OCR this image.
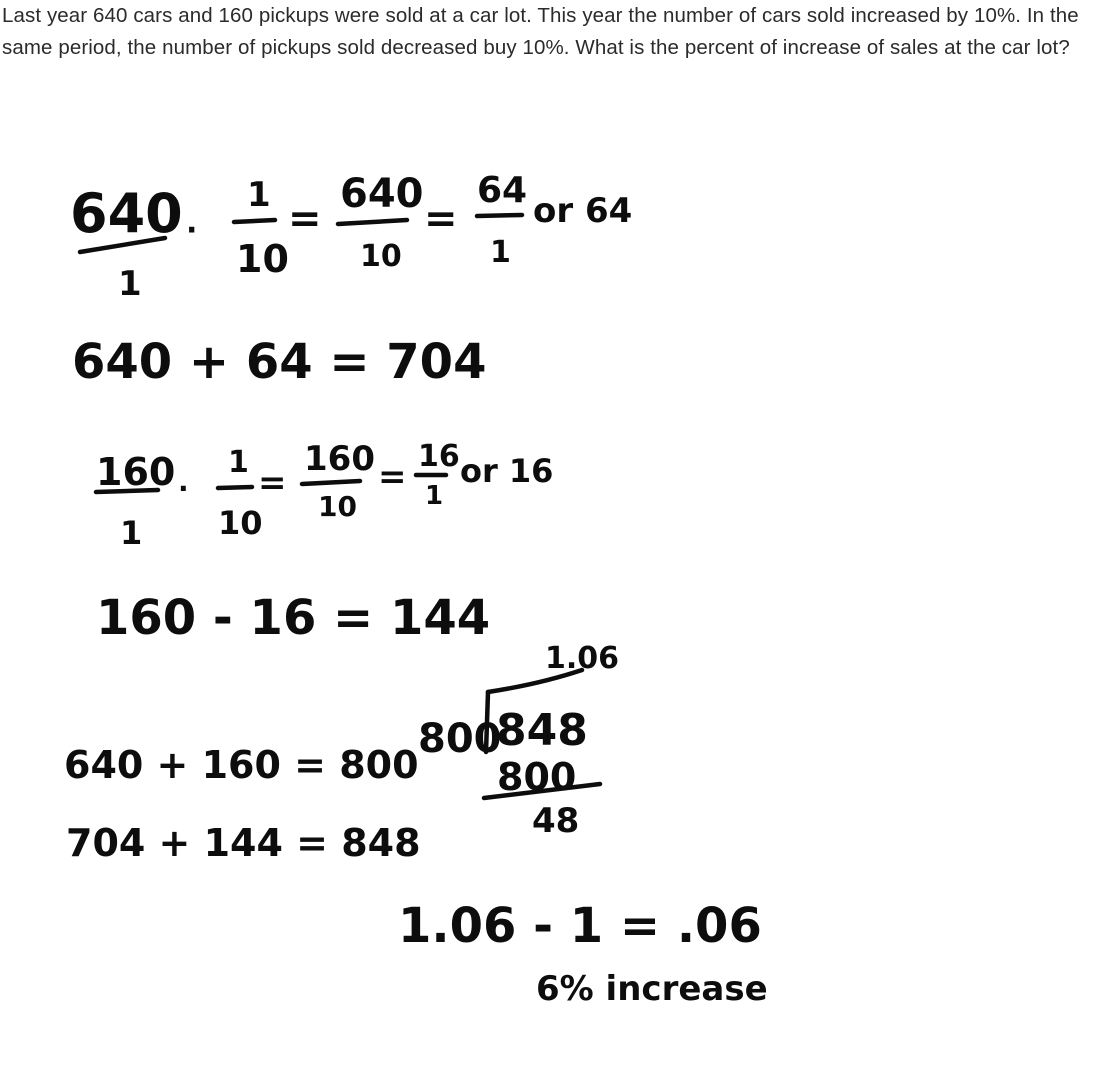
Last year 640 cars and 160 pickups were sold at a car lot. This year the number of cars sold increased by 10%. In the same period, the number of pickups sold decreased buy 10%. What is the percent of increase of sales at the car lot?

640
1
·
1
10
=
640
10
=
64
1
or 64
640 + 64 = 704
160
1
·
1
10
=
160
10
=
16
1
or 16
160 - 16 = 144
640 + 160 = 800
704 + 144 = 848
1.06
800
848
800
48
1.06 - 1 = .06
6% increase
